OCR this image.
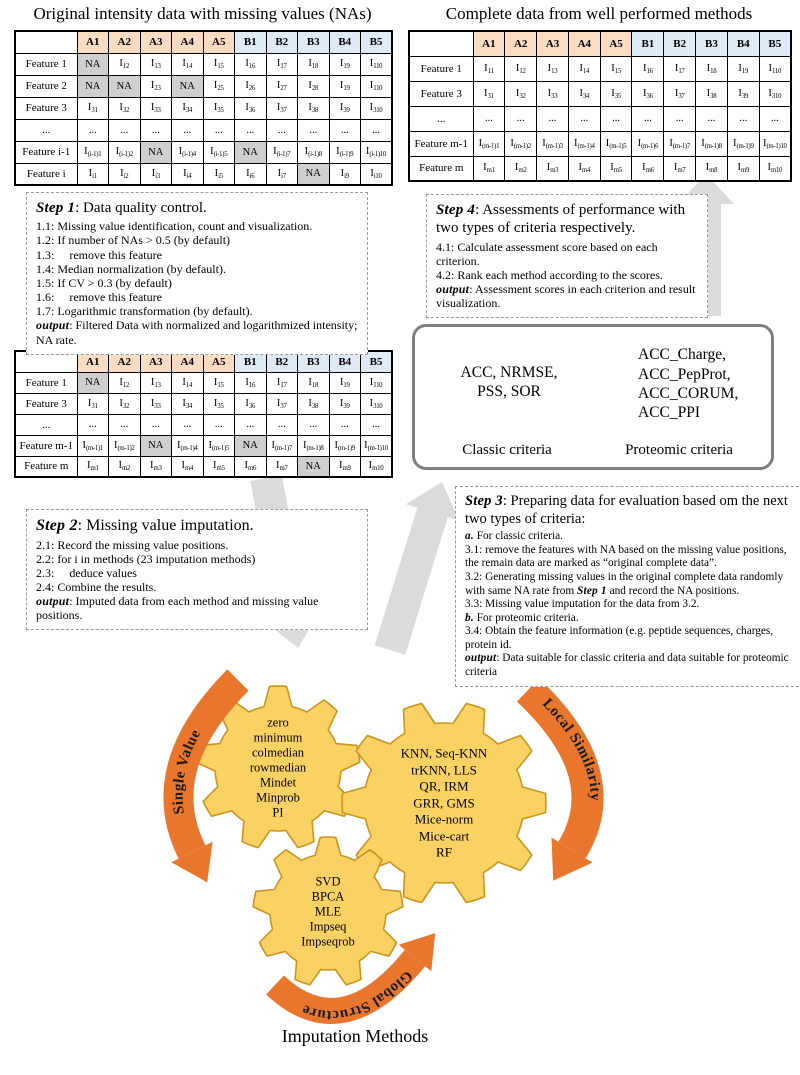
Single Value
Local Similarity
Global Structure
Original intensity data with missing values (NAs)	Complete data from well performed methods
	A1	A2	A3	A4	A5	B1	B2	B3	B4	B5
Feature 1	NA	$I_{12}$	$I_{13}$	$I_{14}$	$I_{15}$	$I_{16}$	$I_{17}$	$I_{18}$	$I_{19}$	$I_{110}$
Feature 2	NA	NA	$I_{23}$	NA	$I_{25}$	$I_{26}$	$I_{27}$	$I_{28}$	$I_{19}$	$I_{110}$
Feature 3	$I_{31}$	$I_{32}$	$I_{33}$	$I_{34}$	$I_{35}$	$I_{36}$	$I_{37}$	$I_{38}$	$I_{39}$	$I_{310}$
...	...	...	...	...	...	...	...	...	...	...
Feature i-1	$I_{(i-1)1}$	$I_{(i-1)2}$	NA	$I_{(i-1)4}$	$I_{(i-1)5}$	NA	$I_{(i-1)7}$	$I_{(i-1)8}$	$I_{(i-1)9}$	$I_{(i-1)10}$
Feature i	$I_{i1}$	$I_{i2}$	$I_{i3}$	$I_{i4}$	$I_{i5}$	$I_{i6}$	$I_{i7}$	NA	$I_{i9}$	$I_{i10}$
	A1	A2	A3	A4	A5	B1	B2	B3	B4	B5
Feature 1	NA	$I_{12}$	$I_{13}$	$I_{14}$	$I_{15}$	$I_{16}$	$I_{17}$	$I_{18}$	$I_{19}$	$I_{110}$
Feature 3	$I_{31}$	$I_{32}$	$I_{33}$	$I_{34}$	$I_{35}$	$I_{36}$	$I_{37}$	$I_{38}$	$I_{39}$	$I_{310}$
...	...	...	...	...	...	...	...	...	...	...
Feature m-1	$I_{(m-1)1}$	$I_{(m-1)2}$	NA	$I_{(m-1)4}$	$I_{(m-1)5}$	NA	$I_{(m-1)7}$	$I_{(m-1)8}$	$I_{(m-1)9}$	$I_{(m-1)10}$
Feature m	$I_{m1}$	$I_{m2}$	$I_{m3}$	$I_{m4}$	$I_{m5}$	$I_{m6}$	$I_{m7}$	NA	$I_{m9}$	$I_{m10}$
	A1	A2	A3	A4	A5	B1	B2	B3	B4	B5
Feature 1	$I_{11}$	$I_{12}$	$I_{13}$	$I_{14}$	$I_{15}$	$I_{16}$	$I_{17}$	$I_{18}$	$I_{19}$	$I_{110}$
Feature 3	$I_{31}$	$I_{32}$	$I_{33}$	$I_{34}$	$I_{35}$	$I_{36}$	$I_{37}$	$I_{38}$	$I_{39}$	$I_{310}$
...	...	...	...	...	...	...	...	...	...	...
Feature m-1	$I_{(m-1)1}$	$I_{(m-1)2}$	$I_{(m-1)3}$	$I_{(m-1)4}$	$I_{(m-1)5}$	$I_{(m-1)6}$	$I_{(m-1)7}$	$I_{(m-1)8}$	$I_{(m-1)9}$	$I_{(m-1)10}$
Feature m	$I_{m1}$	$I_{m2}$	$I_{m3}$	$I_{m4}$	$I_{m5}$	$I_{m6}$	$I_{m7}$	$I_{m8}$	$I_{m9}$	$I_{m10}$
Step 1: Data quality control.
1.1: Missing value identification, count and visualization.
1.2: If number of NAs > 0.5 (by default)
1.3:     remove this feature
1.4: Median normalization (by default).
1.5: If CV > 0.3 (by default)
1.6:     remove this feature
1.7: Logarithmic transformation (by default).
output: Filtered Data with normalized and logarithmized intensity; NA rate.
Step 2: Missing value imputation.
2.1: Record the missing value positions.
2.2: for i in methods (23 imputation methods)
2.3:     deduce values
2.4: Combine the results.
output: Imputed data from each method and missing value positions.
Step 4: Assessments of performance with two types of criteria respectively.
4.1: Calculate assessment score based on each criterion.
4.2: Rank each method according to the scores.
output: Assessment scores in each criterion and result visualization.
Step 3: Preparing data for evaluation based om the next two types of criteria:
a. For classic criteria.
3.1: remove the features with NA based on the missing value positions, the remain data are marked as “original complete data”.
3.2: Generating missing values in the original complete data randomly with same NA rate from Step 1 and record the NA positions.
3.3: Missing value imputation for the data from 3.2.
b. For proteomic criteria.
3.4: Obtain the feature information (e.g. peptide sequences, charges, protein id.
output: Data suitable for classic criteria and data suitable for proteomic criteria
ACC, NRMSE,
PSS, SOR
ACC_Charge,
ACC_PepProt,
ACC_CORUM,
ACC_PPI
Classic criteria	Proteomic criteria
zero
minimum
colmedian
rowmedian
Mindet
Minprob
PI
KNN, Seq-KNN
trKNN, LLS
QR, IRM
GRR, GMS
Mice-norm
Mice-cart
RF
SVD
BPCA
MLE
Impseq
Impseqrob
Imputation Methods
